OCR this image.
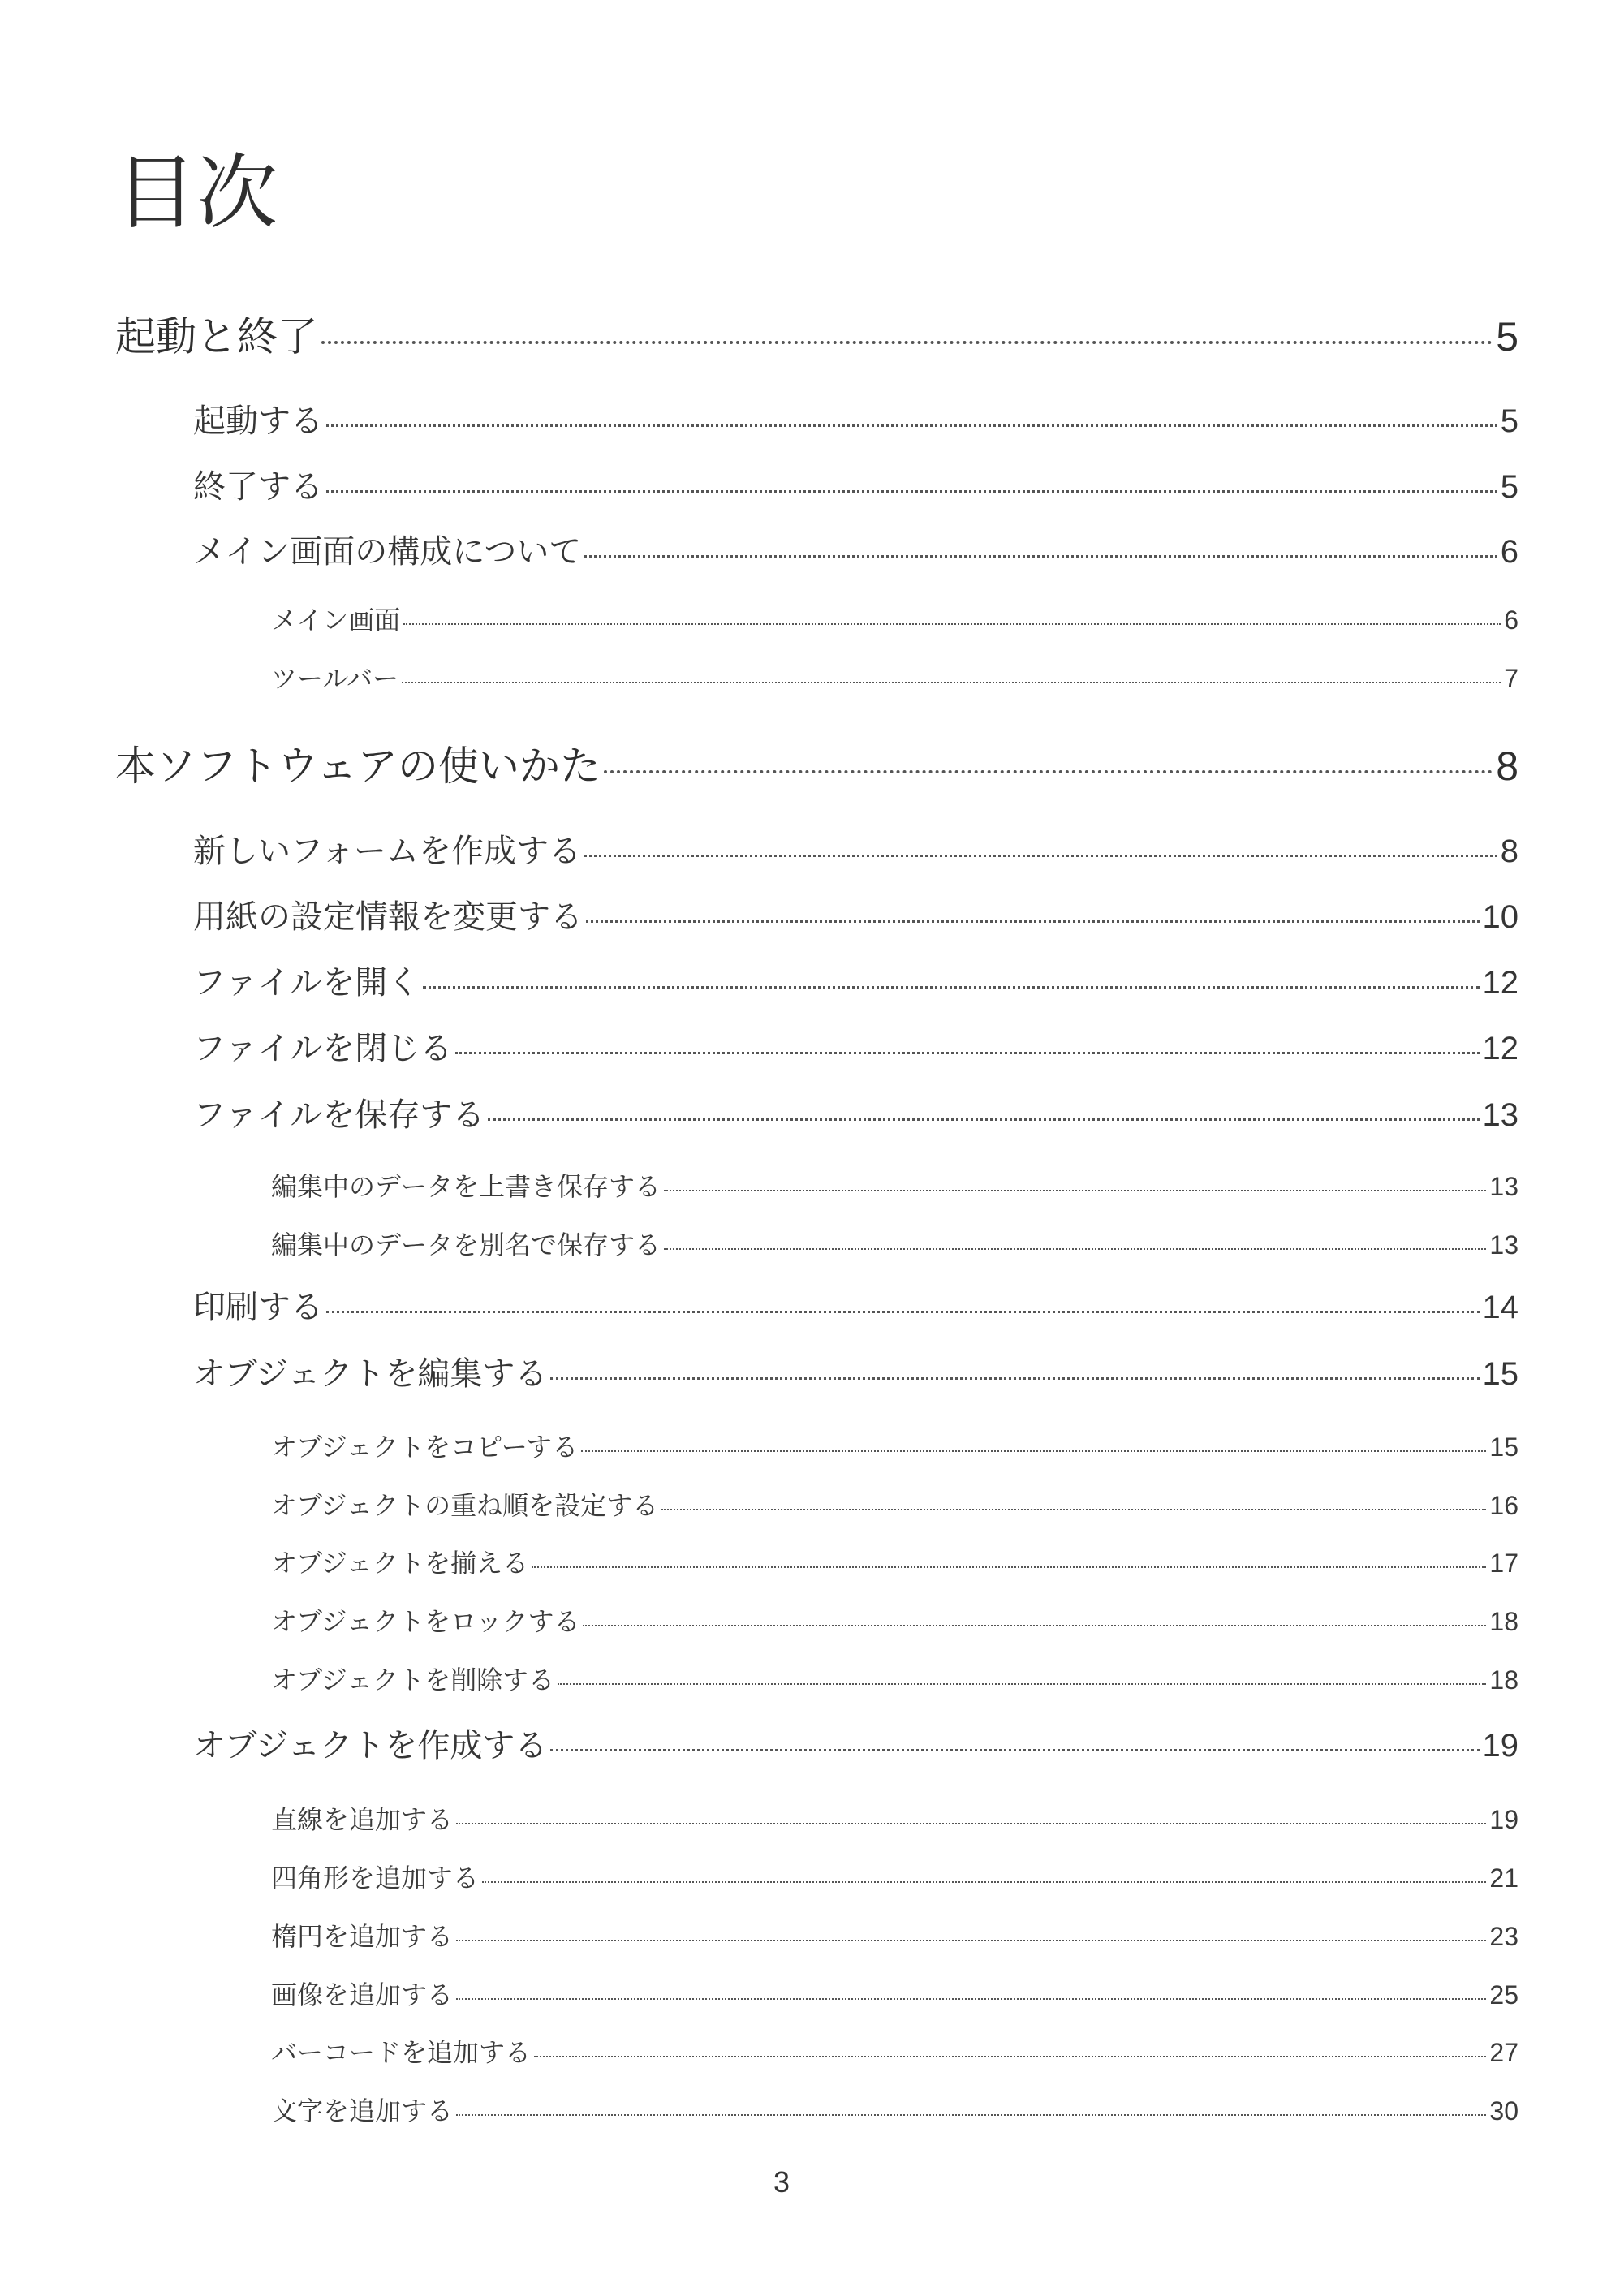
目次
起動と終了	5
起動する	5
終了する	5
メイン画面の構成について	6
メイン画面	6
ツールバー	7
本ソフトウェアの使いかた	8
新しいフォームを作成する	8
用紙の設定情報を変更する	10
ファイルを開く	12
ファイルを閉じる	12
ファイルを保存する	13
編集中のデータを上書き保存する	13
編集中のデータを別名で保存する	13
印刷する	14
オブジェクトを編集する	15
オブジェクトをコピーする	15
オブジェクトの重ね順を設定する	16
オブジェクトを揃える	17
オブジェクトをロックする	18
オブジェクトを削除する	18
オブジェクトを作成する	19
直線を追加する	19
四角形を追加する	21
楕円を追加する	23
画像を追加する	25
バーコードを追加する	27
文字を追加する	30
3
